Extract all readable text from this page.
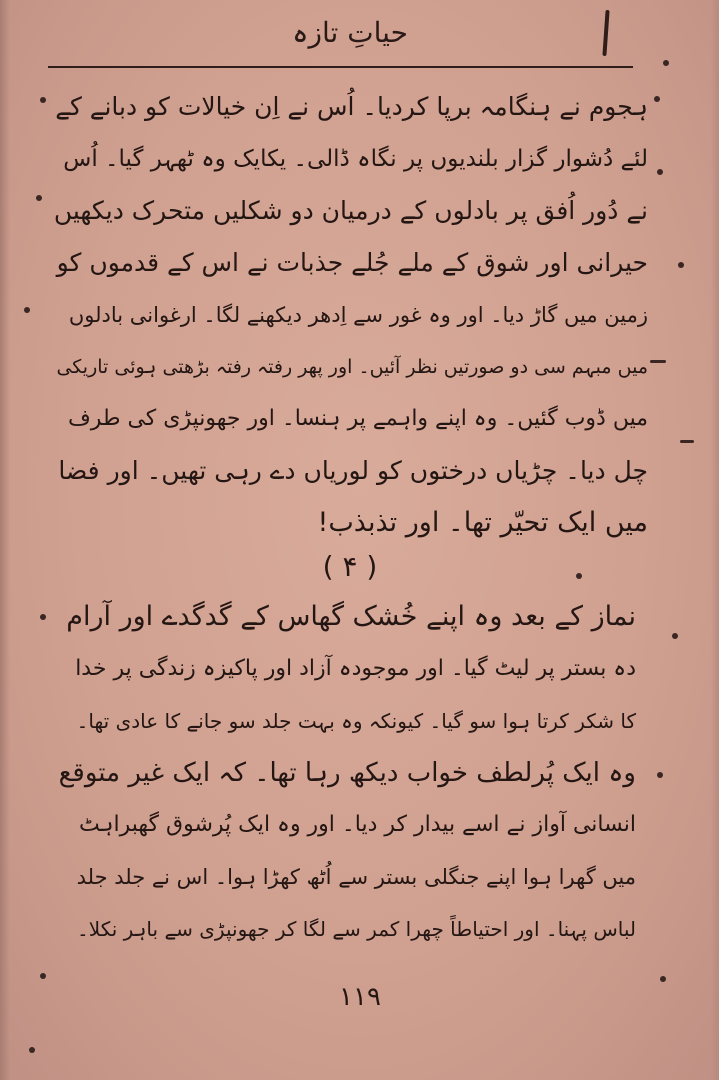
حیاتِ تازہ
ہجوم نے ہنگامہ برپا کردیا۔ اُس نے اِن خیالات کو دبانے کے
لئے دُشوار گزار بلندیوں پر نگاہ ڈالی۔ یکایک وہ ٹھہر گیا۔ اُس
نے دُور اُفق پر بادلوں کے درمیان دو شکلیں متحرک دیکھیں
حیرانی اور شوق کے ملے جُلے جذبات نے اس کے قدموں کو
زمین میں گاڑ دیا۔ اور وہ غور سے اِدھر دیکھنے لگا۔ ارغوانی بادلوں
میں مبہم سی دو صورتیں نظر آئیں۔ اور پھر رفتہ رفتہ بڑھتی ہوئی تاریکی
میں ڈوب گئیں۔ وہ اپنے واہمے پر ہنسا۔ اور جھونپڑی کی طرف
چل دیا۔ چڑیاں درختوں کو لوریاں دے رہی تھیں۔ اور فضا
میں ایک تحیّر تھا۔ اور تذبذب!
( ۴ )
نماز کے بعد وہ اپنے خُشک گھاس کے گدگدے اور آرام
دہ بستر پر لیٹ گیا۔ اور موجودہ آزاد اور پاکیزہ زندگی پر خدا
کا شکر کرتا ہوا سو گیا۔ کیونکہ وہ بہت جلد سو جانے کا عادی تھا۔
وہ ایک پُرلطف خواب دیکھ رہا تھا۔ کہ ایک غیر متوقع
انسانی آواز نے اسے بیدار کر دیا۔ اور وہ ایک پُرشوق گھبراہٹ
میں گھرا ہوا اپنے جنگلی بستر سے اُٹھ کھڑا ہوا۔ اس نے جلد جلد
لباس پہنا۔ اور احتیاطاً چھرا کمر سے لگا کر جھونپڑی سے باہر نکلا۔
۱۱۹
